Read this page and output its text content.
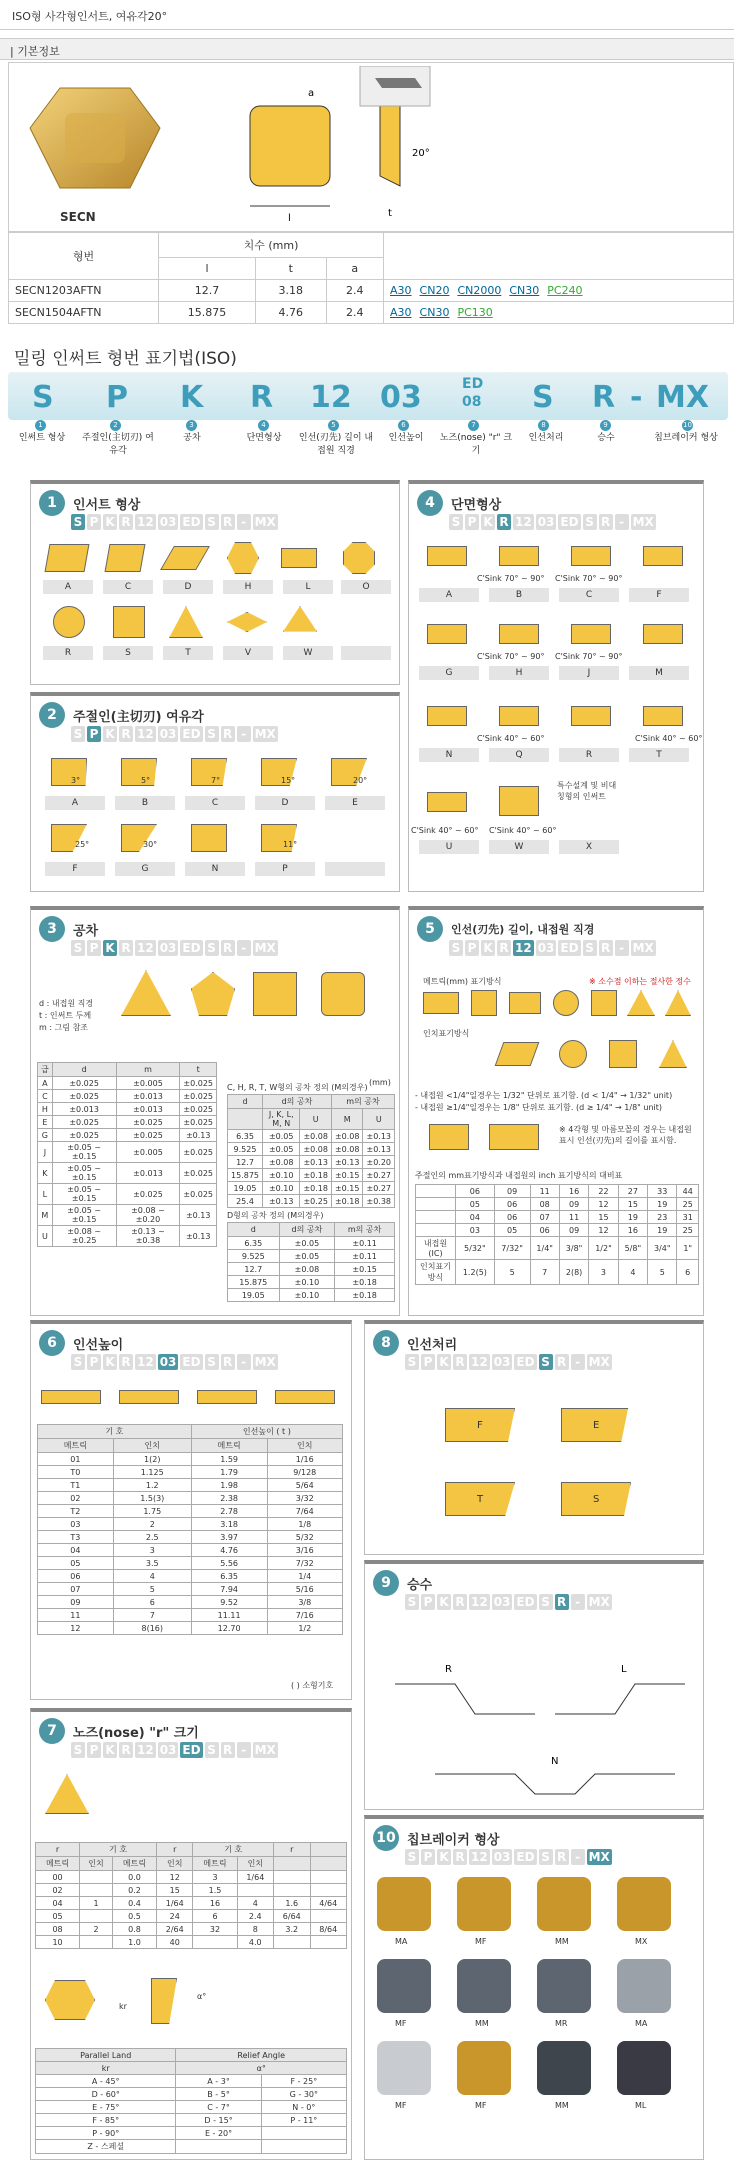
ISO형 사각형인서트, 여유각20°
| 기본정보
SECN	l
a
t
20°
형번	치수 (mm)			
	l	t	a	
SECN1203AFTN	12.7	3.18	2.4	A30 CN20 CN2000 CN30 PC240
SECN1504AFTN	15.875	4.76	2.4	A30 CN30 PC130
밀링 인써트 형번 표기법(ISO)
S P K R 12 03	ED
08 S R - MX
1	2	3	4	5	6	7	8	9	10
인써트 형상	주절인(主切刃) 여유각
공차	단면형상	인선(刃先) 길이 내접원 직경
인선높이	노즈(nose) "r" 크기
인선처리	승수	칩브레이커 형상
1	인서트 형상
S P K R 12 03 ED S R - MX
A	C	D	H	L	O
R	S	T	V	W
2	주절인(主切刃) 여유각
S P K R 12 03 ED S R - MX
3°	5°	7°	15°	20°
A	B	C	D	E
25°	30°	11°
F	G	N	P
3	공차
S P K R 12 03 ED S R - MX
d : 내접원 직경
t : 인써트 두께
m : 그림 참조
(mm)
급	d	m	t
A	±0.025	±0.005	±0.025
C	±0.025	±0.013	±0.025
H	±0.013	±0.013	±0.025
E	±0.025	±0.025	±0.025
G	±0.025	±0.025	±0.13
J	±0.05 ~ ±0.15	±0.005	±0.025
K	±0.05 ~ ±0.15	±0.013	±0.025
L	±0.05 ~ ±0.15	±0.025	±0.025
M	±0.05 ~ ±0.15	±0.08 ~ ±0.20	±0.13
U	±0.08 ~ ±0.25	±0.13 ~ ±0.38	±0.13
C, H, R, T, W형의 공차 정의 (M의경우)
d	d의 공차		m의 공차	
	J, K, L, M, N	U	M	U
6.35	±0.05	±0.08	±0.08	±0.13
9.525	±0.05	±0.08	±0.08	±0.13
12.7	±0.08	±0.13	±0.13	±0.20
15.875	±0.10	±0.18	±0.15	±0.27
19.05	±0.10	±0.18	±0.15	±0.27
25.4	±0.13	±0.25	±0.18	±0.38
D형의 공차 정의 (M의경우)
d	d의 공차	m의 공차
6.35	±0.05	±0.11
9.525	±0.05	±0.11
12.7	±0.08	±0.15
15.875	±0.10	±0.18
19.05	±0.10	±0.18
4	단면형상
S P K R 12 03 ED S R - MX
C'Sink 70° ~ 90° C'Sink 70° ~ 90°
A	B	C	F
C'Sink 70° ~ 90° C'Sink 70° ~ 90°
G	H	J	M
C'Sink 40° ~ 60°	C'Sink 40° ~ 60°
N	Q	R	T
특수설계 및 비대칭형의 인써트
C'Sink 40° ~ 60° C'Sink 40° ~ 60°
U	W	X
5	인선(刃先) 길이, 내접원 직경
S P K R 12 03 ED S R - MX
메트릭(mm) 표기방식	※ 소수점 이하는 절사한 정수
인치표기방식
- 내접원 <1/4"일경우는 1/32" 단위로 표기함. (d < 1/4" → 1/32" unit)
- 내접원 ≥1/4"일경우는 1/8" 단위로 표기함. (d ≥ 1/4" → 1/8" unit)
※ 4각형 및 마름모꼴의 경우는 내접원 표시 인선(刃先)의 길이를 표시함.
주절인의 mm표기방식과 내접원의 inch 표기방식의 대비표
	06	09	11	16	22	27	33	44
	05	06	08	09	12	15	19	25
	04	06	07	11	15	19	23	31
	03	05	06	09	12	16	19	25
내접원(IC)	5/32"	7/32"	1/4"	3/8"	1/2"	5/8"	3/4"	1"
인치표기방식	1.2(5)	5	7	2(8)	3	4	5	6
6	인선높이
S P K R 12 03 ED S R - MX
기 호		인선높이 ( t )	
메트릭	인치	메트릭	인치
01	1(2)	1.59	1/16
T0	1.125	1.79	9/128
T1	1.2	1.98	5/64
02	1.5(3)	2.38	3/32
T2	1.75	2.78	7/64
03	2	3.18	1/8
T3	2.5	3.97	5/32
04	3	4.76	3/16
05	3.5	5.56	7/32
06	4	6.35	1/4
07	5	7.94	5/16
09	6	9.52	3/8
11	7	11.11	7/16
12	8(16)	12.70	1/2
( ) 소형기호
7	노즈(nose) "r" 크기
S P K R 12 03 ED S R - MX
r	기 호		r	기 호		r	
메트릭	인치	메트릭	인치	메트릭	인치		
00		0.0	12	3	1/64		
02		0.2	15	1.5			
04	1	0.4	1/64	16	4	1.6	4/64
05		0.5	24	6	2.4	6/64	
08	2	0.8	2/64	32	8	3.2	8/64
10		1.0	40		4.0		
kr
α°
Parallel Land	Relief Angle	
kr	α°	
A - 45°	A - 3°	F - 25°
D - 60°	B - 5°	G - 30°
E - 75°	C - 7°	N - 0°
F - 85°	D - 15°	P - 11°
P - 90°	E - 20°	
Z - 스페셜		
8	인선처리
S P K R 12 03 ED S R - MX
F	E
T	S
9	승수
S P K R 12 03 ED S R - MX
R	L
N
10 칩브레이커 형상
S P K R 12 03 ED S R - MX
MA	MF	MM	MX
MF	MM	MR	MA
MF	MF	MM	ML
